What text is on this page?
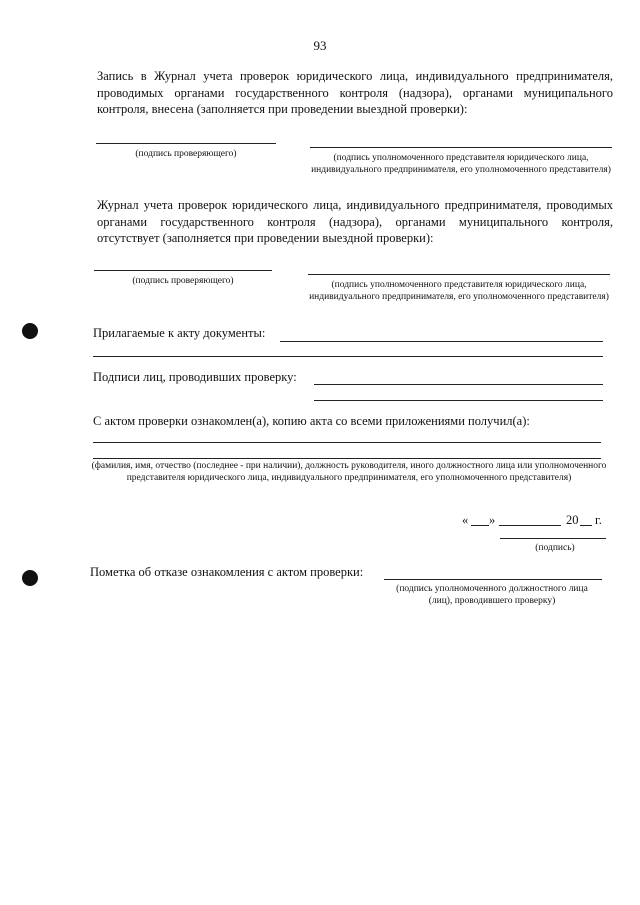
93
Запись в Журнал учета проверок юридического лица, индивидуального предпринимателя, проводимых органами государственного контроля (надзора), органами муниципального контроля, внесена (заполняется при проведении выездной проверки):
(подпись проверяющего)	(подпись уполномоченного представителя юридического лица, индивидуального предпринимателя, его уполномоченного представителя)
Журнал учета проверок юридического лица, индивидуального предпринимателя, проводимых органами государственного контроля (надзора), органами муниципального контроля, отсутствует (заполняется при проведении выездной проверки):
(подпись проверяющего)	(подпись уполномоченного представителя юридического лица, индивидуального предпринимателя, его уполномоченного представителя)
Прилагаемые к акту документы:
Подписи лиц, проводивших проверку:
С актом проверки ознакомлен(а), копию акта со всеми приложениями получил(а):
(фамилия, имя, отчество (последнее - при наличии), должность руководителя, иного должностного лица или уполномоченного представителя юридического лица, индивидуального предпринимателя, его уполномоченного представителя)
« »	20 г.
(подпись)
Пометка об отказе ознакомления с актом проверки:
(подпись уполномоченного должностного лица (лиц), проводившего проверку)
